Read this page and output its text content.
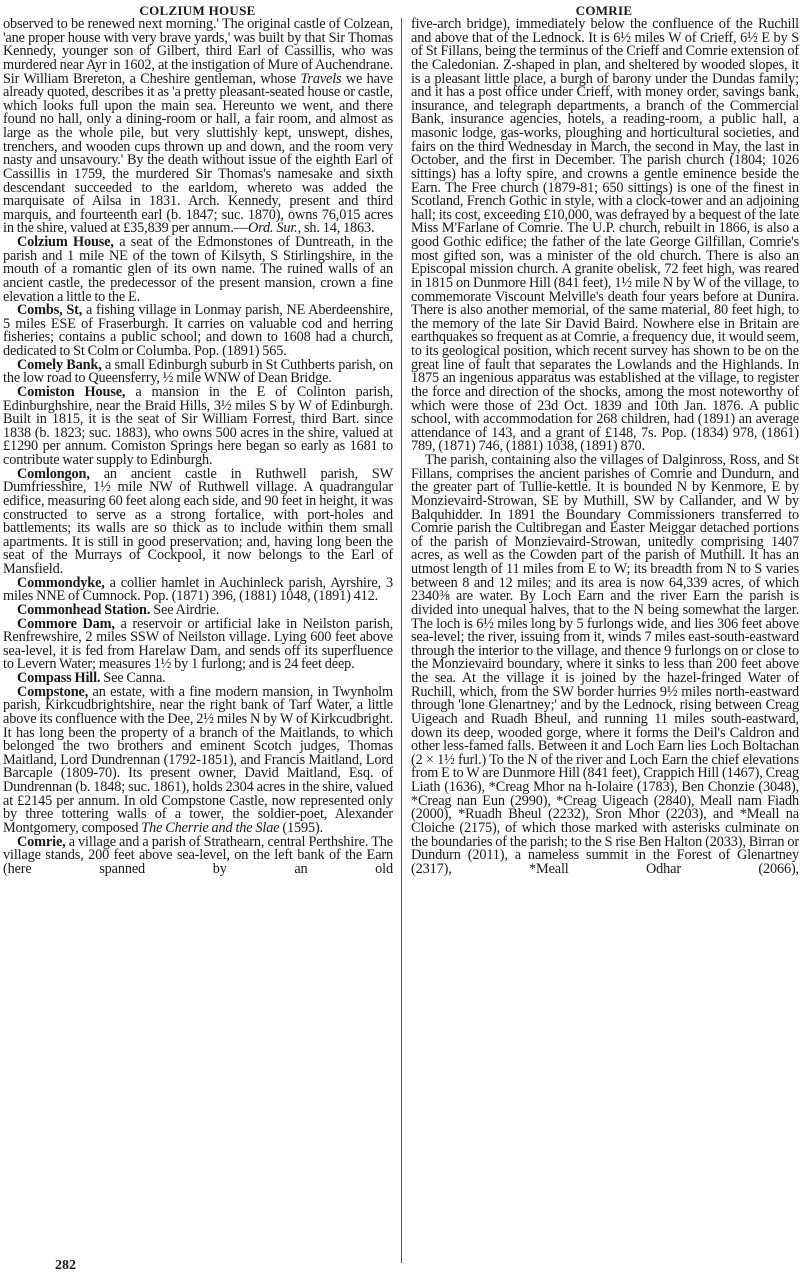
COLZIUM HOUSE	COMRIE

observed to be renewed next morning.' The original castle of Colzean, 'ane proper house with very brave yards,' was built by that Sir Thomas Kennedy, younger son of Gilbert, third Earl of Cassillis, who was murdered near Ayr in 1602, at the instigation of Mure of Auchendrane. Sir William Brereton, a Cheshire gentleman, whose Travels we have already quoted, describes it as 'a pretty pleasant-seated house or castle, which looks full upon the main sea. Hereunto we went, and there found no hall, only a dining-room or hall, a fair room, and almost as large as the whole pile, but very sluttishly kept, unswept, dishes, trenchers, and wooden cups thrown up and down, and the room very nasty and unsavoury.' By the death without issue of the eighth Earl of Cassillis in 1759, the murdered Sir Thomas's namesake and sixth descendant succeeded to the earldom, whereto was added the marquisate of Ailsa in 1831. Arch. Kennedy, present and third marquis, and fourteenth earl (b. 1847; suc. 1870), owns 76,015 acres in the shire, valued at £35,839 per annum.—Ord. Sur., sh. 14, 1863.

Colzium House, a seat of the Edmonstones of Duntreath, in the parish and 1 mile NE of the town of Kilsyth, S Stirlingshire, in the mouth of a romantic glen of its own name. The ruined walls of an ancient castle, the predecessor of the present mansion, crown a fine elevation a little to the E.

Combs, St, a fishing village in Lonmay parish, NE Aberdeenshire, 5 miles ESE of Fraserburgh. It carries on valuable cod and herring fisheries; contains a public school; and down to 1608 had a church, dedicated to St Colm or Columba. Pop. (1891) 565.

Comely Bank, a small Edinburgh suburb in St Cuthberts parish, on the low road to Queensferry, ½ mile WNW of Dean Bridge.

Comiston House, a mansion in the E of Colinton parish, Edinburghshire, near the Braid Hills, 3½ miles S by W of Edinburgh. Built in 1815, it is the seat of Sir William Forrest, third Bart. since 1838 (b. 1823; suc. 1883), who owns 500 acres in the shire, valued at £1290 per annum. Comiston Springs here began so early as 1681 to contribute water supply to Edinburgh.

Comlongon, an ancient castle in Ruthwell parish, SW Dumfriesshire, 1½ mile NW of Ruthwell village. A quadrangular edifice, measuring 60 feet along each side, and 90 feet in height, it was constructed to serve as a strong fortalice, with port-holes and battlements; its walls are so thick as to include within them small apartments. It is still in good preservation; and, having long been the seat of the Murrays of Cockpool, it now belongs to the Earl of Mansfield.

Commondyke, a collier hamlet in Auchinleck parish, Ayrshire, 3 miles NNE of Cumnock. Pop. (1871) 396, (1881) 1048, (1891) 412.

Commonhead Station. See Airdrie.

Commore Dam, a reservoir or artificial lake in Neilston parish, Renfrewshire, 2 miles SSW of Neilston village. Lying 600 feet above sea-level, it is fed from Harelaw Dam, and sends off its superfluence to Levern Water; measures 1½ by 1 furlong; and is 24 feet deep.

Compass Hill. See Canna.

Compstone, an estate, with a fine modern mansion, in Twynholm parish, Kirkcudbrightshire, near the right bank of Tarf Water, a little above its confluence with the Dee, 2½ miles N by W of Kirkcudbright. It has long been the property of a branch of the Maitlands, to which belonged the two brothers and eminent Scotch judges, Thomas Maitland, Lord Dundrennan (1792-1851), and Francis Maitland, Lord Barcaple (1809-70). Its present owner, David Maitland, Esq. of Dundrennan (b. 1848; suc. 1861), holds 2304 acres in the shire, valued at £2145 per annum. In old Compstone Castle, now represented only by three tottering walls of a tower, the soldier-poet, Alexander Montgomery, composed The Cherrie and the Slae (1595).

Comrie, a village and a parish of Strathearn, central Perthshire. The village stands, 200 feet above sea-level, on the left bank of the Earn (here spanned by an old

five-arch bridge), immediately below the confluence of the Ruchill and above that of the Lednock. It is 6½ miles W of Crieff, 6½ E by S of St Fillans, being the terminus of the Crieff and Comrie extension of the Caledonian. Z-shaped in plan, and sheltered by wooded slopes, it is a pleasant little place, a burgh of barony under the Dundas family; and it has a post office under Crieff, with money order, savings bank, insurance, and telegraph departments, a branch of the Commercial Bank, insurance agencies, hotels, a reading-room, a public hall, a masonic lodge, gas-works, ploughing and horticultural societies, and fairs on the third Wednesday in March, the second in May, the last in October, and the first in December. The parish church (1804; 1026 sittings) has a lofty spire, and crowns a gentle eminence beside the Earn. The Free church (1879-81; 650 sittings) is one of the finest in Scotland, French Gothic in style, with a clock-tower and an adjoining hall; its cost, exceeding £10,000, was defrayed by a bequest of the late Miss M'Farlane of Comrie. The U.P. church, rebuilt in 1866, is also a good Gothic edifice; the father of the late George Gilfillan, Comrie's most gifted son, was a minister of the old church. There is also an Episcopal mission church. A granite obelisk, 72 feet high, was reared in 1815 on Dunmore Hill (841 feet), 1½ mile N by W of the village, to commemorate Viscount Melville's death four years before at Dunira. There is also another memorial, of the same material, 80 feet high, to the memory of the late Sir David Baird. Nowhere else in Britain are earthquakes so frequent as at Comrie, a frequency due, it would seem, to its geological position, which recent survey has shown to be on the great line of fault that separates the Lowlands and the Highlands. In 1875 an ingenious apparatus was established at the village, to register the force and direction of the shocks, among the most noteworthy of which were those of 23d Oct. 1839 and 10th Jan. 1876. A public school, with accommodation for 268 children, had (1891) an average attendance of 143, and a grant of £148, 7s. Pop. (1834) 978, (1861) 789, (1871) 746, (1881) 1038, (1891) 870.

The parish, containing also the villages of Dalginross, Ross, and St Fillans, comprises the ancient parishes of Comrie and Dundurn, and the greater part of Tullie-kettle. It is bounded N by Kenmore, E by Monzievaird-Strowan, SE by Muthill, SW by Callander, and W by Balquhidder. In 1891 the Boundary Commissioners transferred to Comrie parish the Cultibregan and Easter Meiggar detached portions of the parish of Monzievaird-Strowan, unitedly comprising 1407 acres, as well as the Cowden part of the parish of Muthill. It has an utmost length of 11 miles from E to W; its breadth from N to S varies between 8 and 12 miles; and its area is now 64,339 acres, of which 2340⅜ are water. By Loch Earn and the river Earn the parish is divided into unequal halves, that to the N being somewhat the larger. The loch is 6½ miles long by 5 furlongs wide, and lies 306 feet above sea-level; the river, issuing from it, winds 7 miles east-south-eastward through the interior to the village, and thence 9 furlongs on or close to the Monzievaird boundary, where it sinks to less than 200 feet above the sea. At the village it is joined by the hazel-fringed Water of Ruchill, which, from the SW border hurries 9½ miles north-eastward through 'lone Glenartney;' and by the Lednock, rising between Creag Uigeach and Ruadh Bheul, and running 11 miles south-eastward, down its deep, wooded gorge, where it forms the Deil's Caldron and other less-famed falls. Between it and Loch Earn lies Loch Boltachan (2 × 1½ furl.) To the N of the river and Loch Earn the chief elevations from E to W are Dunmore Hill (841 feet), Crappich Hill (1467), Creag Liath (1636), *Creag Mhor na h-Iolaire (1783), Ben Chonzie (3048), *Creag nan Eun (2990), *Creag Uigeach (2840), Meall nam Fiadh (2000), *Ruadh Bheul (2232), Sron Mhor (2203), and *Meall na Cloiche (2175), of which those marked with asterisks culminate on the boundaries of the parish; to the S rise Ben Halton (2033), Birran or Dundurn (2011), a nameless summit in the Forest of Glenartney (2317), *Meall Odhar (2066),

282
